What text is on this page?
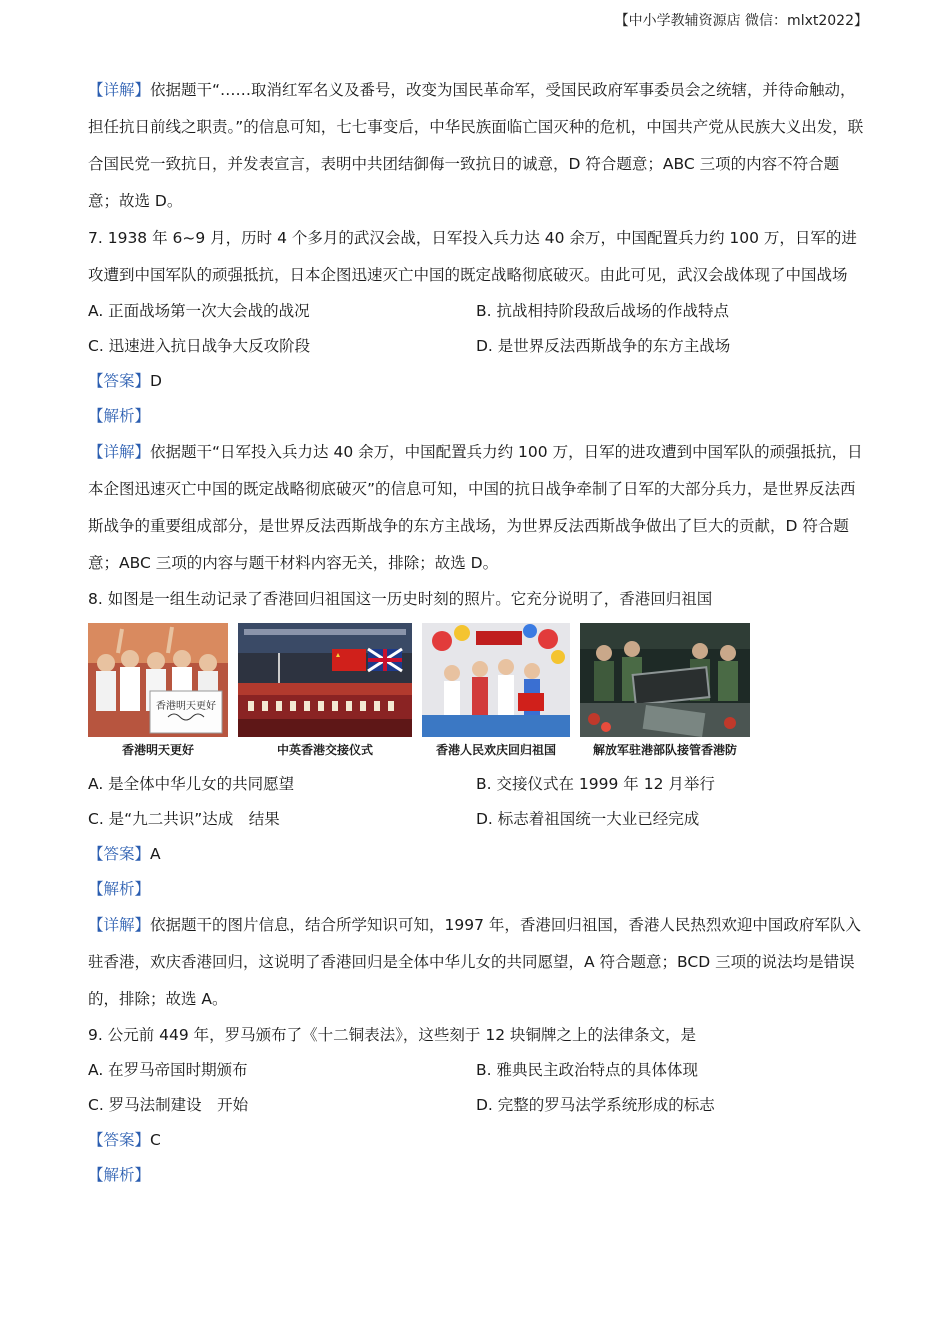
【中小学教辅资源店 微信：mlxt2022】

【详解】依据题干“……取消红军名义及番号，改变为国民革命军，受国民政府军事委员会之统辖，并待命触动，担任抗日前线之职责。”的信息可知，七七事变后，中华民族面临亡国灭种的危机，中国共产党从民族大义出发，联合国民党一致抗日，并发表宣言，表明中共团结御侮一致抗日的诚意，D 符合题意；ABC 三项的内容不符合题意；故选 D。

7. 1938 年 6~9 月，历时 4 个多月的武汉会战，日军投入兵力达 40 余万，中国配置兵力约 100 万，日军的进攻遭到中国军队的顽强抵抗，日本企图迅速灭亡中国的既定战略彻底破灭。由此可见，武汉会战体现了中国战场

A. 正面战场第一次大会战的战况	B. 抗战相持阶段敌后战场的作战特点

C. 迅速进入抗日战争大反攻阶段	D. 是世界反法西斯战争的东方主战场

【答案】D

【解析】

【详解】依据题干“日军投入兵力达 40 余万，中国配置兵力约 100 万，日军的进攻遭到中国军队的顽强抵抗，日本企图迅速灭亡中国的既定战略彻底破灭”的信息可知，中国的抗日战争牵制了日军的大部分兵力，是世界反法西斯战争的重要组成部分，是世界反法西斯战争的东方主战场，为世界反法西斯战争做出了巨大的贡献，D 符合题意；ABC 三项的内容与题干材料内容无关，排除；故选 D。

8. 如图是一组生动记录了香港回归祖国这一历史时刻的照片。它充分说明了，香港回归祖国

香港明天更好
香港明天更好	中英香港交接仪式	香港人民欢庆回归祖国	解放军驻港部队接管香港防

A. 是全体中华儿女的共同愿望	B. 交接仪式在 1999 年 12 月举行

C. 是“九二共识”达成　结果	D. 标志着祖国统一大业已经完成

【答案】A

【解析】

【详解】依据题干的图片信息，结合所学知识可知，1997 年，香港回归祖国，香港人民热烈欢迎中国政府军队入驻香港，欢庆香港回归，这说明了香港回归是全体中华儿女的共同愿望，A 符合题意；BCD 三项的说法均是错误的，排除；故选 A。

9. 公元前 449 年，罗马颁布了《十二铜表法》，这些刻于 12 块铜牌之上的法律条文，是

A. 在罗马帝国时期颁布	B. 雅典民主政治特点的具体体现

C. 罗马法制建设　开始	D. 完整的罗马法学系统形成的标志

【答案】C

【解析】
